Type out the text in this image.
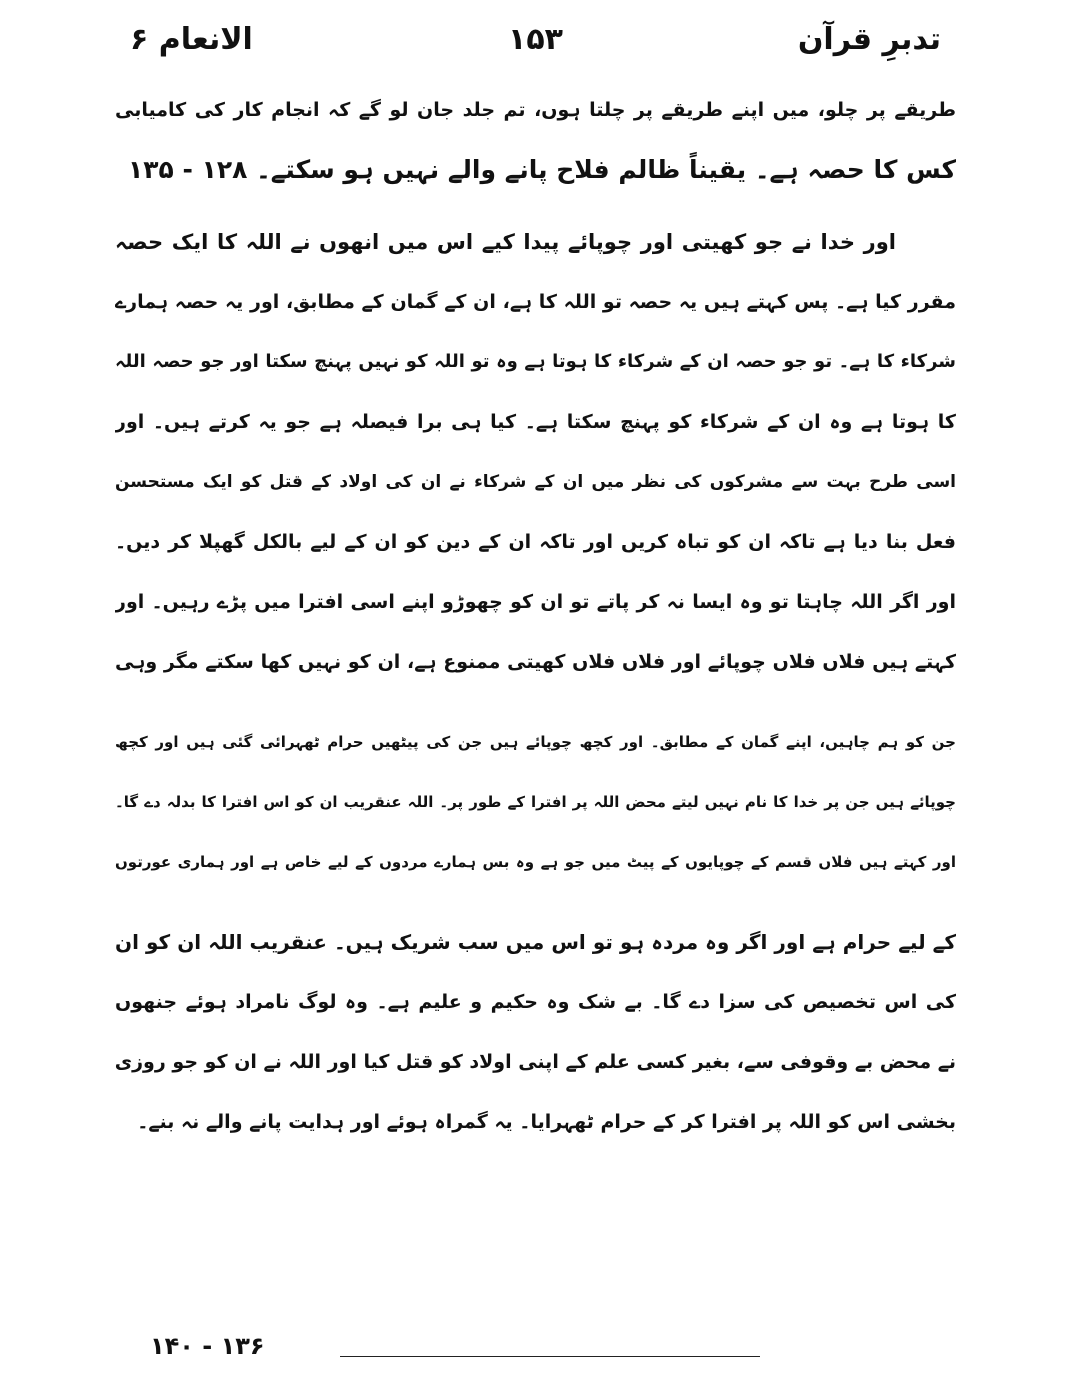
تدبرِ قرآن
۱۵۳
الانعام ۶
طریقے پر چلو، میں اپنے طریقے پر چلتا ہوں، تم جلد جان لو گے کہ انجام کار کی کامیابی
کس کا حصہ ہے۔ یقیناً ظالم فلاح پانے والے نہیں ہو سکتے۔ ۱۲۸ - ۱۳۵
اور خدا نے جو کھیتی اور چوپائے پیدا کیے اس میں انھوں نے اللہ کا ایک حصہ
مقرر کیا ہے۔ پس کہتے ہیں یہ حصہ تو اللہ کا ہے، ان کے گمان کے مطابق، اور یہ حصہ ہمارے
شرکاء کا ہے۔ تو جو حصہ ان کے شرکاء کا ہوتا ہے وہ تو اللہ کو نہیں پہنچ سکتا اور جو حصہ اللہ
کا ہوتا ہے وہ ان کے شرکاء کو پہنچ سکتا ہے۔ کیا ہی برا فیصلہ ہے جو یہ کرتے ہیں۔ اور
اسی طرح بہت سے مشرکوں کی نظر میں ان کے شرکاء نے ان کی اولاد کے قتل کو ایک مستحسن
فعل بنا دیا ہے تاکہ ان کو تباہ کریں اور تاکہ ان کے دین کو ان کے لیے بالکل گھپلا کر دیں۔
اور اگر اللہ چاہتا تو وہ ایسا نہ کر پاتے تو ان کو چھوڑو اپنے اسی افترا میں پڑے رہیں۔ اور
کہتے ہیں فلاں فلاں چوپائے اور فلاں فلاں کھیتی ممنوع ہے، ان کو نہیں کھا سکتے مگر وہی
جن کو ہم چاہیں، اپنے گمان کے مطابق۔ اور کچھ چوپائے ہیں جن کی پیٹھیں حرام ٹھہرائی گئی ہیں اور کچھ
چوپائے ہیں جن پر خدا کا نام نہیں لیتے محض اللہ پر افترا کے طور پر۔ اللہ عنقریب ان کو اس افترا کا بدلہ دے گا۔
اور کہتے ہیں فلاں قسم کے چوپایوں کے پیٹ میں جو ہے وہ بس ہمارے مردوں کے لیے خاص ہے اور ہماری عورتوں
کے لیے حرام ہے اور اگر وہ مردہ ہو تو اس میں سب شریک ہیں۔ عنقریب اللہ ان کو ان
کی اس تخصیص کی سزا دے گا۔ بے شک وہ حکیم و علیم ہے۔ وہ لوگ نامراد ہوئے جنھوں
نے محض بے وقوفی سے، بغیر کسی علم کے اپنی اولاد کو قتل کیا اور اللہ نے ان کو جو روزی
بخشی اس کو اللہ پر افترا کر کے حرام ٹھہرایا۔ یہ گمراہ ہوئے اور ہدایت پانے والے نہ بنے۔
۱۴۰ - ۱۳۶
